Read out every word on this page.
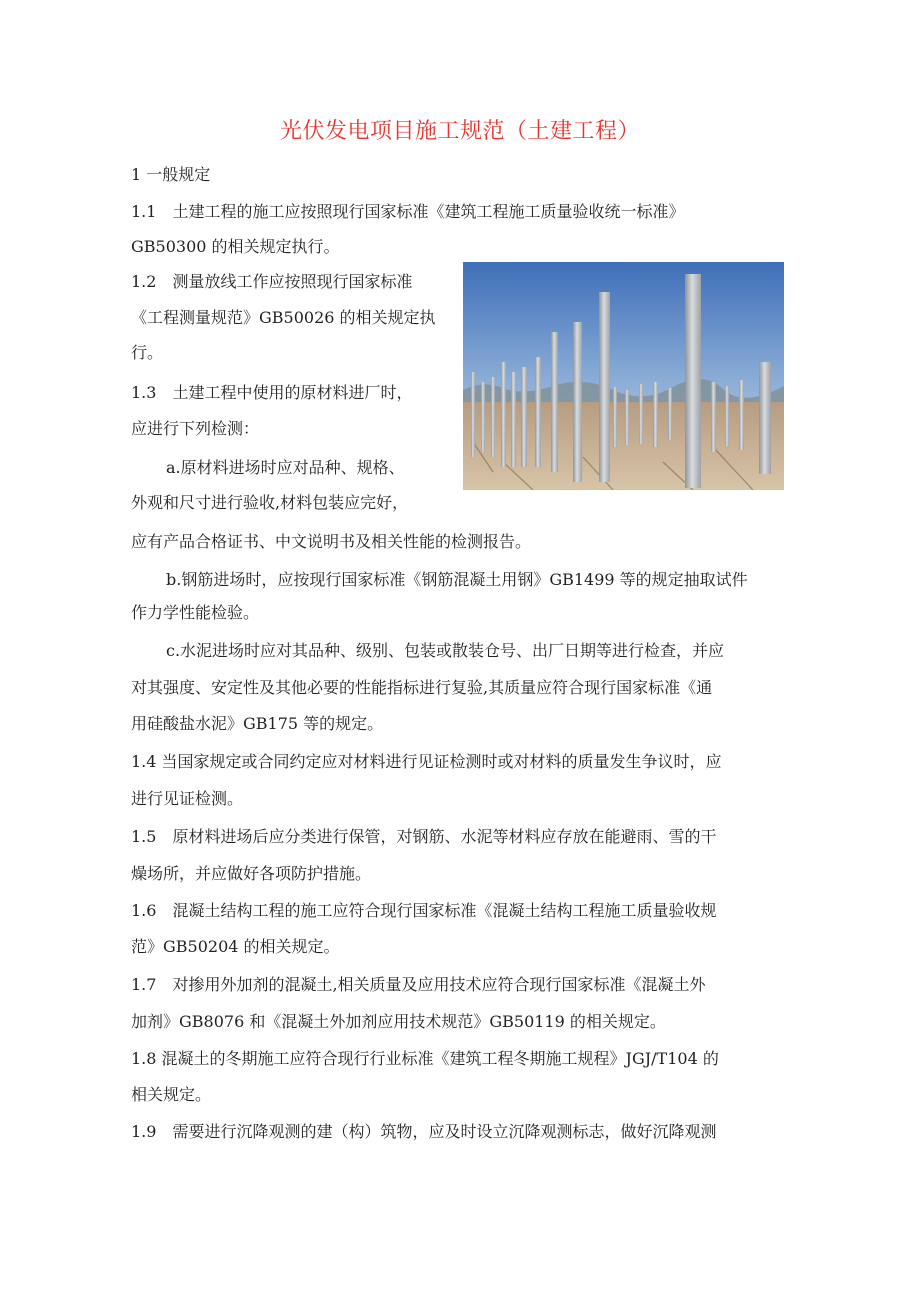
光伏发电项目施工规范（土建工程）
1 一般规定
1.1　土建工程的施工应按照现行国家标准《建筑工程施工质量验收统一标准》
GB50300 的相关规定执行。
1.2　测量放线工作应按照现行国家标准
《工程测量规范》GB50026 的相关规定执
行。
1.3　土建工程中使用的原材料进厂时，
应进行下列检测：
a.原材料进场时应对品种、规格、
外观和尺寸进行验收,材料包装应完好，
应有产品合格证书、中文说明书及相关性能的检测报告。
b.钢筋进场时，应按现行国家标准《钢筋混凝土用钢》GB1499 等的规定抽取试件
作力学性能检验。
c.水泥进场时应对其品种、级别、包装或散装仓号、出厂日期等进行检查，并应
对其强度、安定性及其他必要的性能指标进行复验,其质量应符合现行国家标准《通
用硅酸盐水泥》GB175 等的规定。
1.4 当国家规定或合同约定应对材料进行见证检测时或对材料的质量发生争议时，应
进行见证检测。
1.5　原材料进场后应分类进行保管，对钢筋、水泥等材料应存放在能避雨、雪的干
燥场所，并应做好各项防护措施。
1.6　混凝土结构工程的施工应符合现行国家标准《混凝土结构工程施工质量验收规
范》GB50204 的相关规定。
1.7　对掺用外加剂的混凝土,相关质量及应用技术应符合现行国家标准《混凝土外
加剂》GB8076 和《混凝土外加剂应用技术规范》GB50119 的相关规定。
1.8 混凝土的冬期施工应符合现行行业标准《建筑工程冬期施工规程》JGJ/T104 的
相关规定。
1.9　需要进行沉降观测的建（构）筑物，应及时设立沉降观测标志，做好沉降观测
